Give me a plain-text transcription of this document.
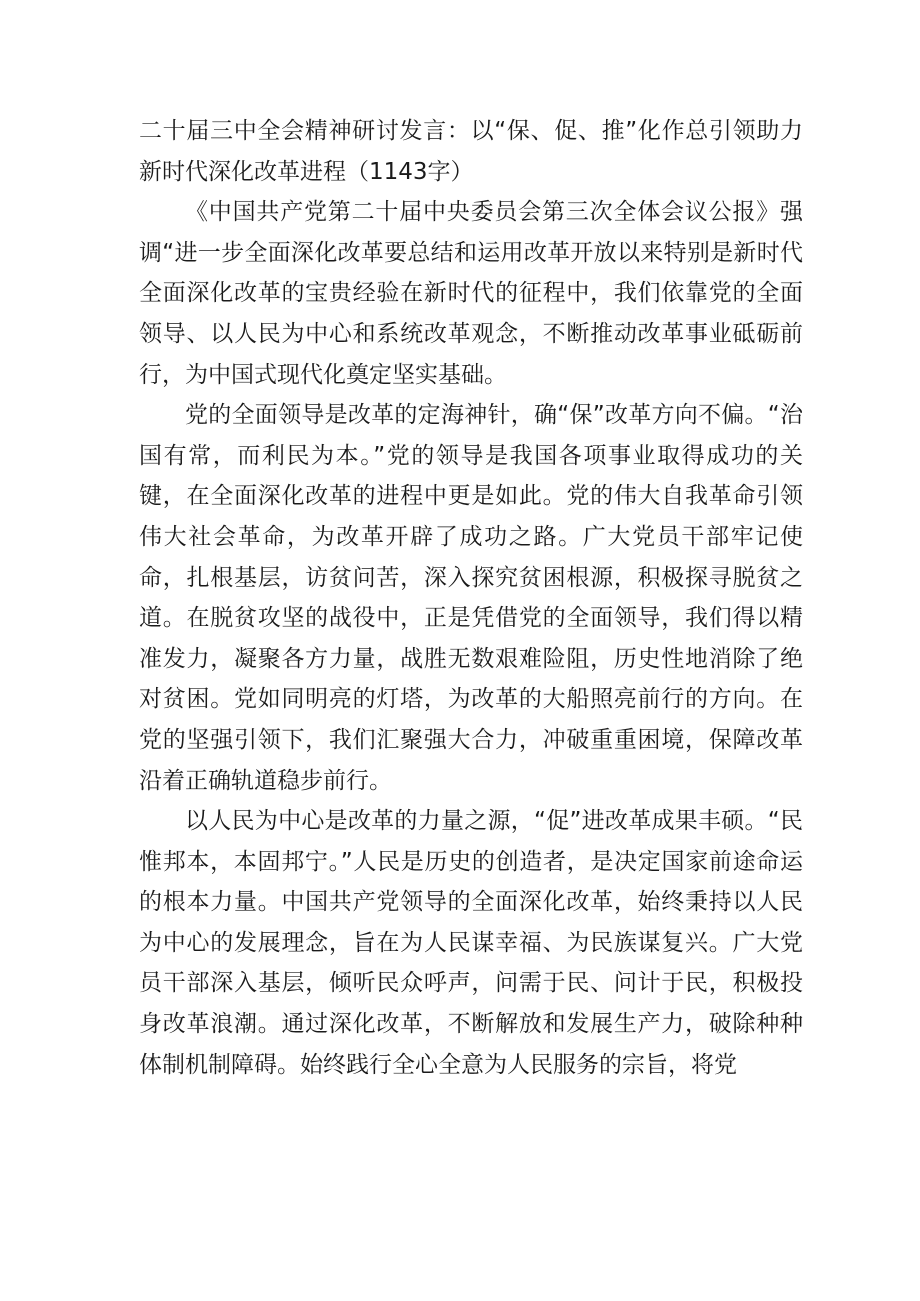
二十届三中全会精神研讨发言：以“保、促、推”化作总引领助力新时代深化改革进程（1143字）

《中国共产党第二十届中央委员会第三次全体会议公报》强调“进一步全面深化改革要总结和运用改革开放以来特别是新时代全面深化改革的宝贵经验在新时代的征程中，我们依靠党的全面领导、以人民为中心和系统改革观念，不断推动改革事业砥砺前行，为中国式现代化奠定坚实基础。

党的全面领导是改革的定海神针，确“保”改革方向不偏。“治国有常，而利民为本。”党的领导是我国各项事业取得成功的关键，在全面深化改革的进程中更是如此。党的伟大自我革命引领伟大社会革命，为改革开辟了成功之路。广大党员干部牢记使命，扎根基层，访贫问苦，深入探究贫困根源，积极探寻脱贫之道。在脱贫攻坚的战役中，正是凭借党的全面领导，我们得以精准发力，凝聚各方力量，战胜无数艰难险阻，历史性地消除了绝对贫困。党如同明亮的灯塔，为改革的大船照亮前行的方向。在党的坚强引领下，我们汇聚强大合力，冲破重重困境，保障改革沿着正确轨道稳步前行。

以人民为中心是改革的力量之源，“促”进改革成果丰硕。“民惟邦本，本固邦宁。”人民是历史的创造者，是决定国家前途命运的根本力量。中国共产党领导的全面深化改革，始终秉持以人民为中心的发展理念，旨在为人民谋幸福、为民族谋复兴。广大党员干部深入基层，倾听民众呼声，问需于民、问计于民，积极投身改革浪潮。通过深化改革，不断解放和发展生产力，破除种种体制机制障碍。始终践行全心全意为人民服务的宗旨，将党
